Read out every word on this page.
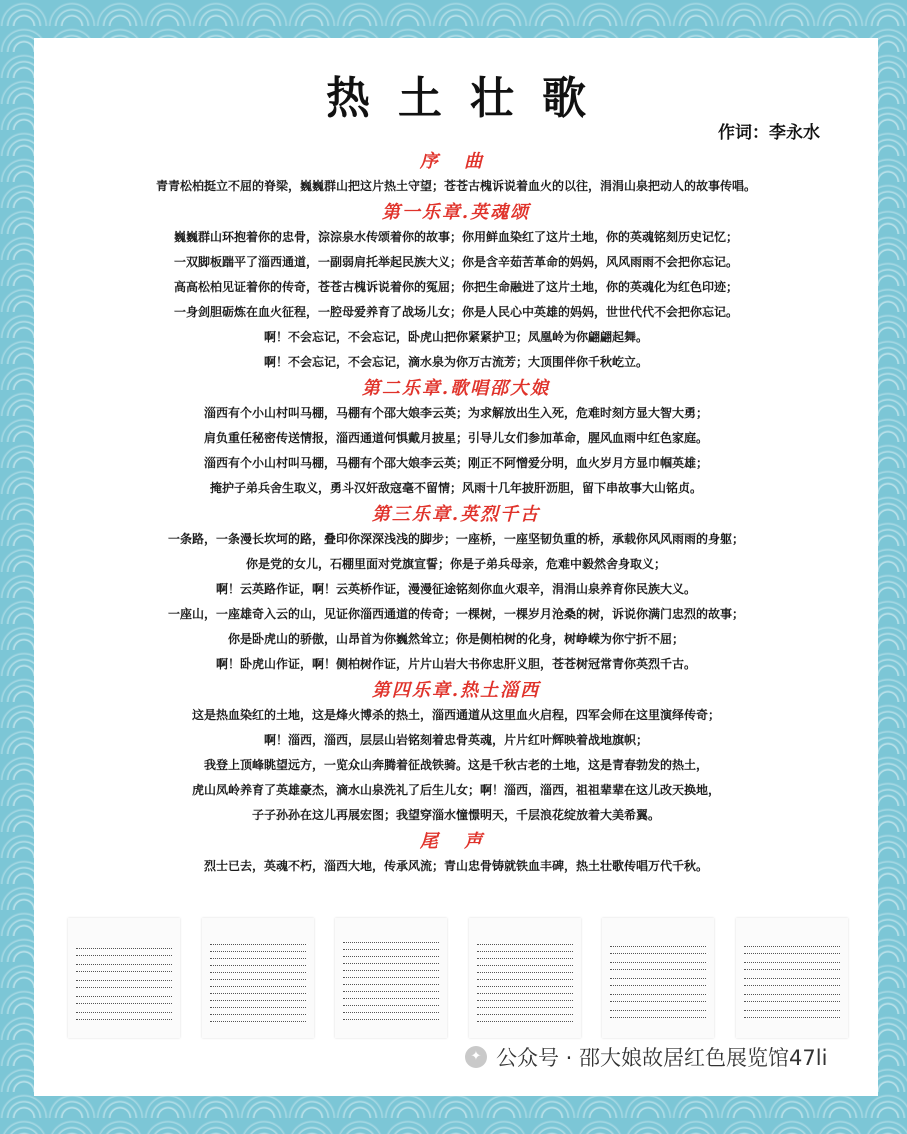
热土壮歌
作词：李永水
序 曲
青青松柏挺立不屈的脊梁，巍巍群山把这片热土守望；苍苍古槐诉说着血火的以往，涓涓山泉把动人的故事传唱。
第一乐章.英魂颂
巍巍群山环抱着你的忠骨，淙淙泉水传颂着你的故事；你用鲜血染红了这片土地，你的英魂铭刻历史记忆；
一双脚板踹平了淄西通道，一副弱肩托举起民族大义；你是含辛茹苦革命的妈妈，风风雨雨不会把你忘记。
高高松柏见证着你的传奇，苍苍古槐诉说着你的冤屈；你把生命融进了这片土地，你的英魂化为红色印迹；
一身剑胆砺炼在血火征程，一腔母爱养育了战场儿女；你是人民心中英雄的妈妈，世世代代不会把你忘记。
啊！不会忘记，不会忘记，卧虎山把你紧紧护卫；凤凰岭为你翩翩起舞。
啊！不会忘记，不会忘记，滴水泉为你万古流芳；大顶围伴你千秋屹立。
第二乐章.歌唱邵大娘
淄西有个小山村叫马棚，马棚有个邵大娘李云英；为求解放出生入死，危难时刻方显大智大勇；
肩负重任秘密传送情报，淄西通道何惧戴月披星；引导儿女们参加革命，腥风血雨中红色家庭。
淄西有个小山村叫马棚，马棚有个邵大娘李云英；刚正不阿憎爱分明，血火岁月方显巾帼英雄；
掩护子弟兵舍生取义，勇斗汉奸敌寇毫不留情；风雨十几年披肝沥胆，留下串故事大山铭贞。
第三乐章.英烈千古
一条路，一条漫长坎坷的路，叠印你深深浅浅的脚步；一座桥，一座坚韧负重的桥，承载你风风雨雨的身躯；
你是党的女儿，石棚里面对党旗宣誓；你是子弟兵母亲，危难中毅然舍身取义；
啊！云英路作证，啊！云英桥作证，漫漫征途铭刻你血火艰辛，涓涓山泉养育你民族大义。
一座山，一座雄奇入云的山，见证你淄西通道的传奇；一棵树，一棵岁月沧桑的树，诉说你满门忠烈的故事；
你是卧虎山的骄傲，山昂首为你巍然耸立；你是侧柏树的化身，树峥嵘为你宁折不屈；
啊！卧虎山作证，啊！侧柏树作证，片片山岩大书你忠肝义胆，苍苍树冠常青你英烈千古。
第四乐章.热土淄西
这是热血染红的土地，这是烽火博杀的热土，淄西通道从这里血火启程，四军会师在这里演绎传奇；
啊！淄西，淄西，层层山岩铭刻着忠骨英魂，片片红叶辉映着战地旗帜；
我登上顶峰眺望远方，一览众山奔腾着征战铁骑。这是千秋古老的土地，这是青春勃发的热土，
虎山凤岭养育了英雄豪杰，滴水山泉洗礼了后生儿女；啊！淄西，淄西，祖祖辈辈在这儿改天换地，
子子孙孙在这儿再展宏图；我望穿淄水憧憬明天，千层浪花绽放着大美希翼。
尾 声
烈士已去，英魂不朽，淄西大地，传承风流；青山忠骨铸就铁血丰碑，热土壮歌传唱万代千秋。
✦ 公众号 · 邵大娘故居红色展览馆47li
